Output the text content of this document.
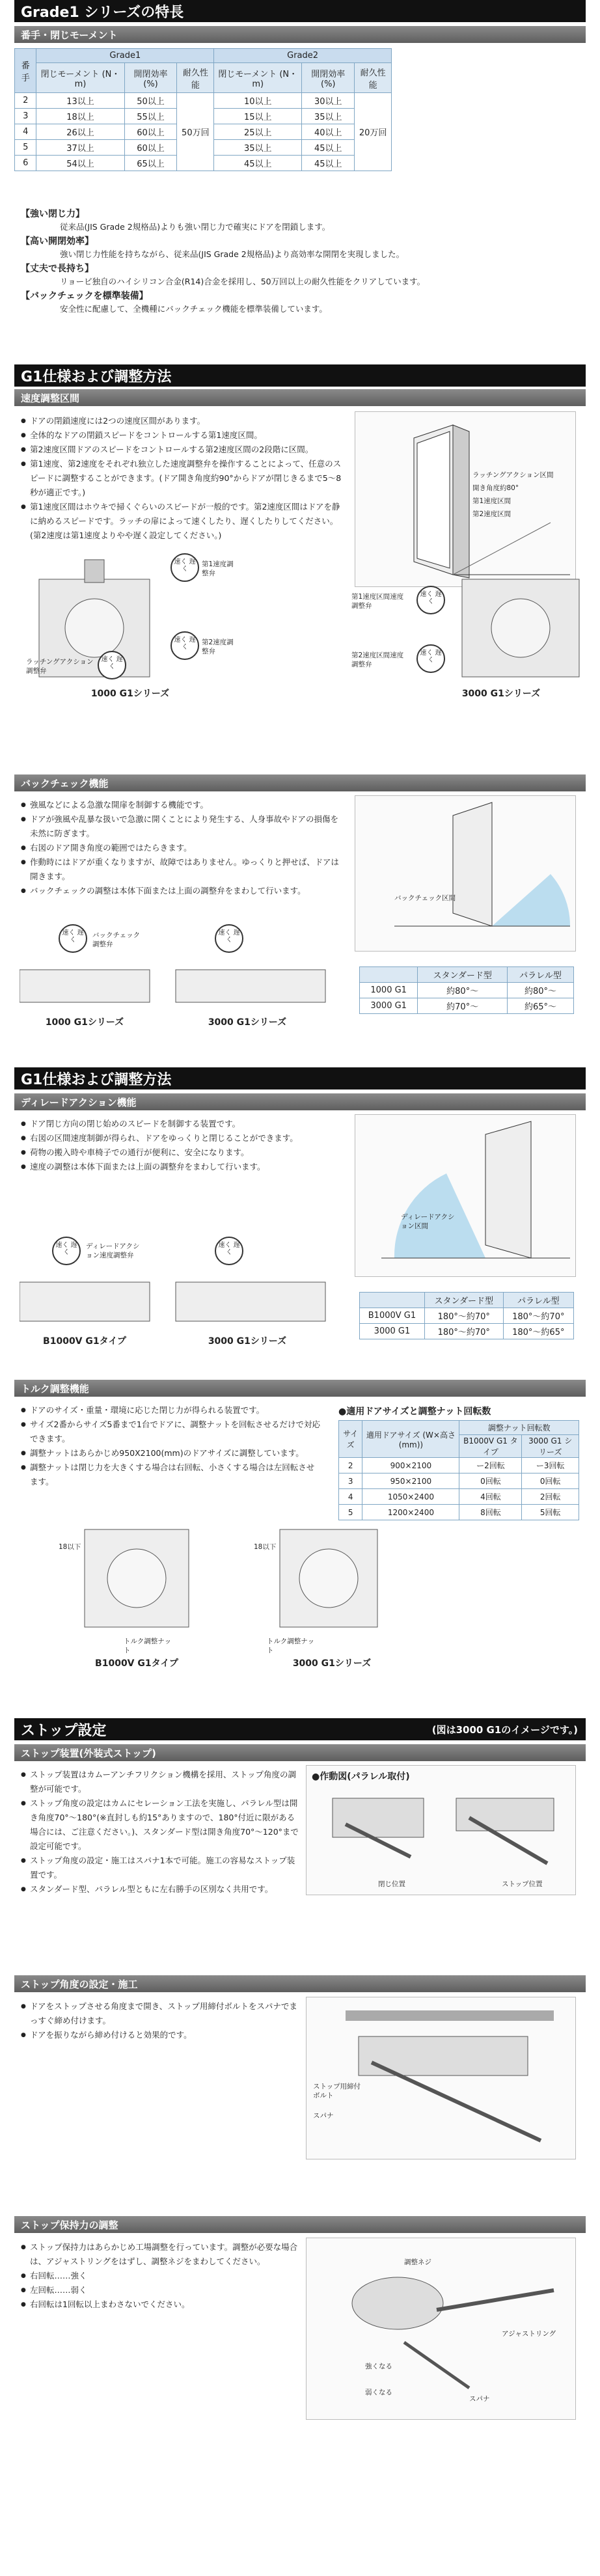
Grade1 シリーズの特長
番手・閉じモーメント
番手	Grade1			Grade2		
	閉じモーメント (N・m)	開閉効率 (%)	耐久性能	閉じモーメント (N・m)	開閉効率 (%)	耐久性能
2	13以上	50以上	50万回	10以上	30以上	20万回
3	18以上	55以上		15以上	35以上	
4	26以上	60以上		25以上	40以上	
5	37以上	60以上		35以上	45以上	
6	54以上	65以上		45以上	45以上	
【強い閉じ力】
従来品(JIS Grade 2規格品)よりも強い閉じ力で確実にドアを閉鎖します。
【高い開閉効率】
強い閉じ力性能を持ちながら、従来品(JIS Grade 2規格品)より高効率な開閉を実現しました。
【丈夫で長持ち】
リョービ独自のハイシリコン合金(R14)合金を採用し、50万回以上の耐久性能をクリアしています。
【バックチェックを標準装備】
安全性に配慮して、全機種にバックチェック機能を標準装備しています。
G1仕様および調整方法
速度調整区間
● ドアの閉鎖速度には2つの速度区間があります。
● 全体的なドアの閉鎖スピードをコントロールする第1速度区間。
● 第2速度区間ドアのスピードをコントロールする第2速度区間の2段階に区間。
● 第1速度、第2速度をそれぞれ独立した速度調整弁を操作することによって、任意のスピードに調整することができます。(ドア開き角度約90°からドアが閉じきるまで5〜8秒が適正です。)
● 第1速度区間はホウキで掃くぐらいのスピードが一般的です。第2速度区間はドアを静に納めるスピードです。ラッチの扉によって速くしたり、遅くしたりしてください。(第2速度は第1速度よりやや遅く設定してください。)
ラッチングアクション区間
開き角度約80°
第1速度区間
第2速度区間
速く 遅く
第1速度調整弁
速く 遅く
第2速度調整弁
速く 遅く
ラッチングアクション調整弁
1000 G1シリーズ
第1速度区間速度調整弁
速く 遅く
第2速度区間速度調整弁
速く 遅く
3000 G1シリーズ
バックチェック機能
● 強風などによる急激な開扉を制御する機能です。
● ドアが強風や乱暴な扱いで急激に開くことにより発生する、人身事故やドアの損傷を未然に防ぎます。
● 右図のドア開き角度の範囲ではたらきます。
● 作動時にはドアが重くなりますが、故障ではありません。ゆっくりと押せば、ドアは開きます。
● バックチェックの調整は本体下面または上面の調整弁をまわして行います。
バックチェック区間
速く 遅く
バックチェック調整弁
速く 遅く
1000 G1シリーズ	3000 G1シリーズ
	スタンダード型	パラレル型
1000 G1	約80°〜	約80°〜
3000 G1	約70°〜	約65°〜
G1仕様および調整方法
ディレードアクション機能
● ドア閉じ方向の閉じ始めのスピードを制御する装置です。
● 右図の区間速度制御が得られ、ドアをゆっくりと閉じることができます。
● 荷物の搬入時や車椅子での通行が便利に、安全になります。
● 速度の調整は本体下面または上面の調整弁をまわして行います。
ディレードアクション区間
速く 遅く
ディレードアクション速度調整弁
速く 遅く
B1000V G1タイプ	3000 G1シリーズ
	スタンダード型	パラレル型
B1000V G1	180°〜約70°	180°〜約70°
3000 G1	180°〜約70°	180°〜約65°
トルク調整機能
● ドアのサイズ・重量・環境に応じた閉じ力が得られる装置です。
● サイズ2番からサイズ5番まで1台でドアに、調整ナットを回転させるだけで対応できます。
● 調整ナットはあらかじめ950X2100(mm)のドアサイズに調整しています。
● 調整ナットは閉じ力を大きくする場合は右回転、小さくする場合は左回転させます。
●適用ドアサイズと調整ナット回転数
サイズ	適用ドアサイズ (W×高さ(mm))	調整ナット回転数	
		B1000V G1 タイプ	3000 G1 シリーズ
2	900×2100	ー2回転	ー3回転
3	950×2100	0回転	0回転
4	1050×2400	4回転	2回転
5	1200×2400	8回転	5回転
18以下
トルク調整ナット
B1000V G1タイプ
18以下
トルク調整ナット
3000 G1シリーズ
ストップ設定	(図は3000 G1のイメージです。)
ストップ装置(外装式ストップ)
● ストップ装置はカムーアンチフリクション機構を採用、ストップ角度の調整が可能です。
● ストップ角度の設定はカムにセレーション工法を実施し、パラレル型は開き角度70°〜180°(※直封しも約15°ありますので、180°付近に限がある場合には、ご注意ください。)、スタンダード型は開き角度70°〜120°まで設定可能です。
● ストップ角度の設定・施工はスパナ1本で可能。施工の容易なストップ装置です。
● スタンダード型、パラレル型ともに左右勝手の区別なく共用です。
●作動図(パラレル取付)
閉じ位置	ストップ位置
ストップ角度の設定・施工
● ドアをストップさせる角度まで開き、ストップ用締付ボルトをスパナでまっすぐ締め付けます。
● ドアを振りながら締め付けると効果的です。
ストップ用締付ボルト
スパナ
ストップ保持力の調整
● ストップ保持力はあらかじめ工場調整を行っています。調整が必要な場合は、アジャストリングをはずし、調整ネジをまわしてください。
● 右回転……強く
● 左回転……弱く
● 右回転は1回転以上まわさないでください。
調整ネジ
アジャストリング
強くなる
弱くなる
スパナ
